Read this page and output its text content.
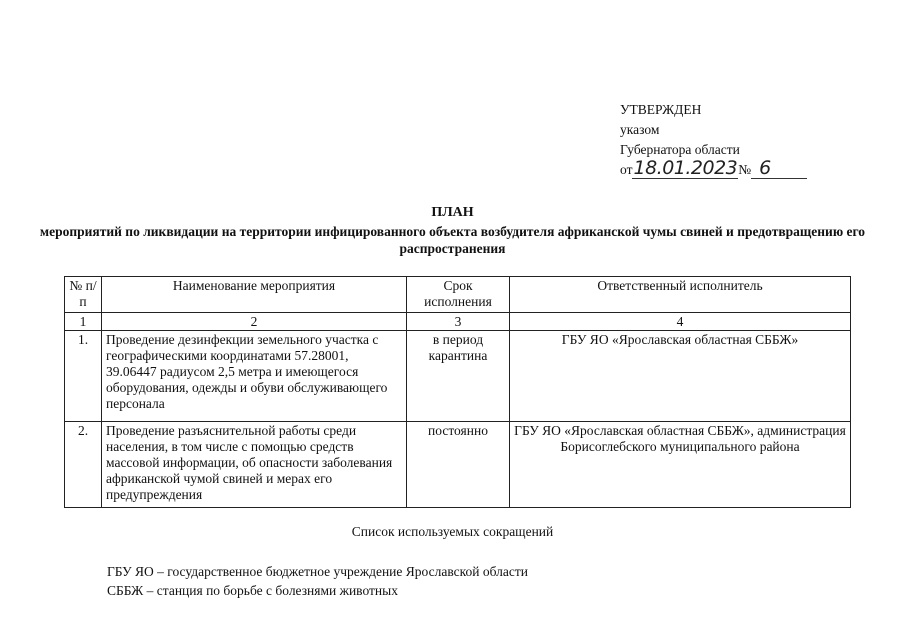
УТВЕРЖДЕН
указом
Губернатора области
от 18.01.2023 № 6
ПЛАН
мероприятий по ликвидации на территории инфицированного объекта возбудителя африканской чумы свиней и предотвращению его распространения
№ п/п	Наименование мероприятия	Срок исполнения	Ответственный исполнитель
1	2	3	4
1.	Проведение дезинфекции земельного участка с географическими координатами 57.28001, 39.06447 радиусом 2,5 метра и имеющегося оборудования, одежды и обуви обслуживающего персонала	в период карантина	ГБУ ЯО «Ярославская областная СББЖ»
2.	Проведение разъяснительной работы среди населения, в том числе с помощью средств массовой информации, об опасности заболевания африканской чумой свиней и мерах его предупреждения	постоянно	ГБУ ЯО «Ярославская областная СББЖ», администрация Борисоглебского муниципального района
Список используемых сокращений
ГБУ ЯО – государственное бюджетное учреждение Ярославской области
СББЖ – станция по борьбе с болезнями животных
